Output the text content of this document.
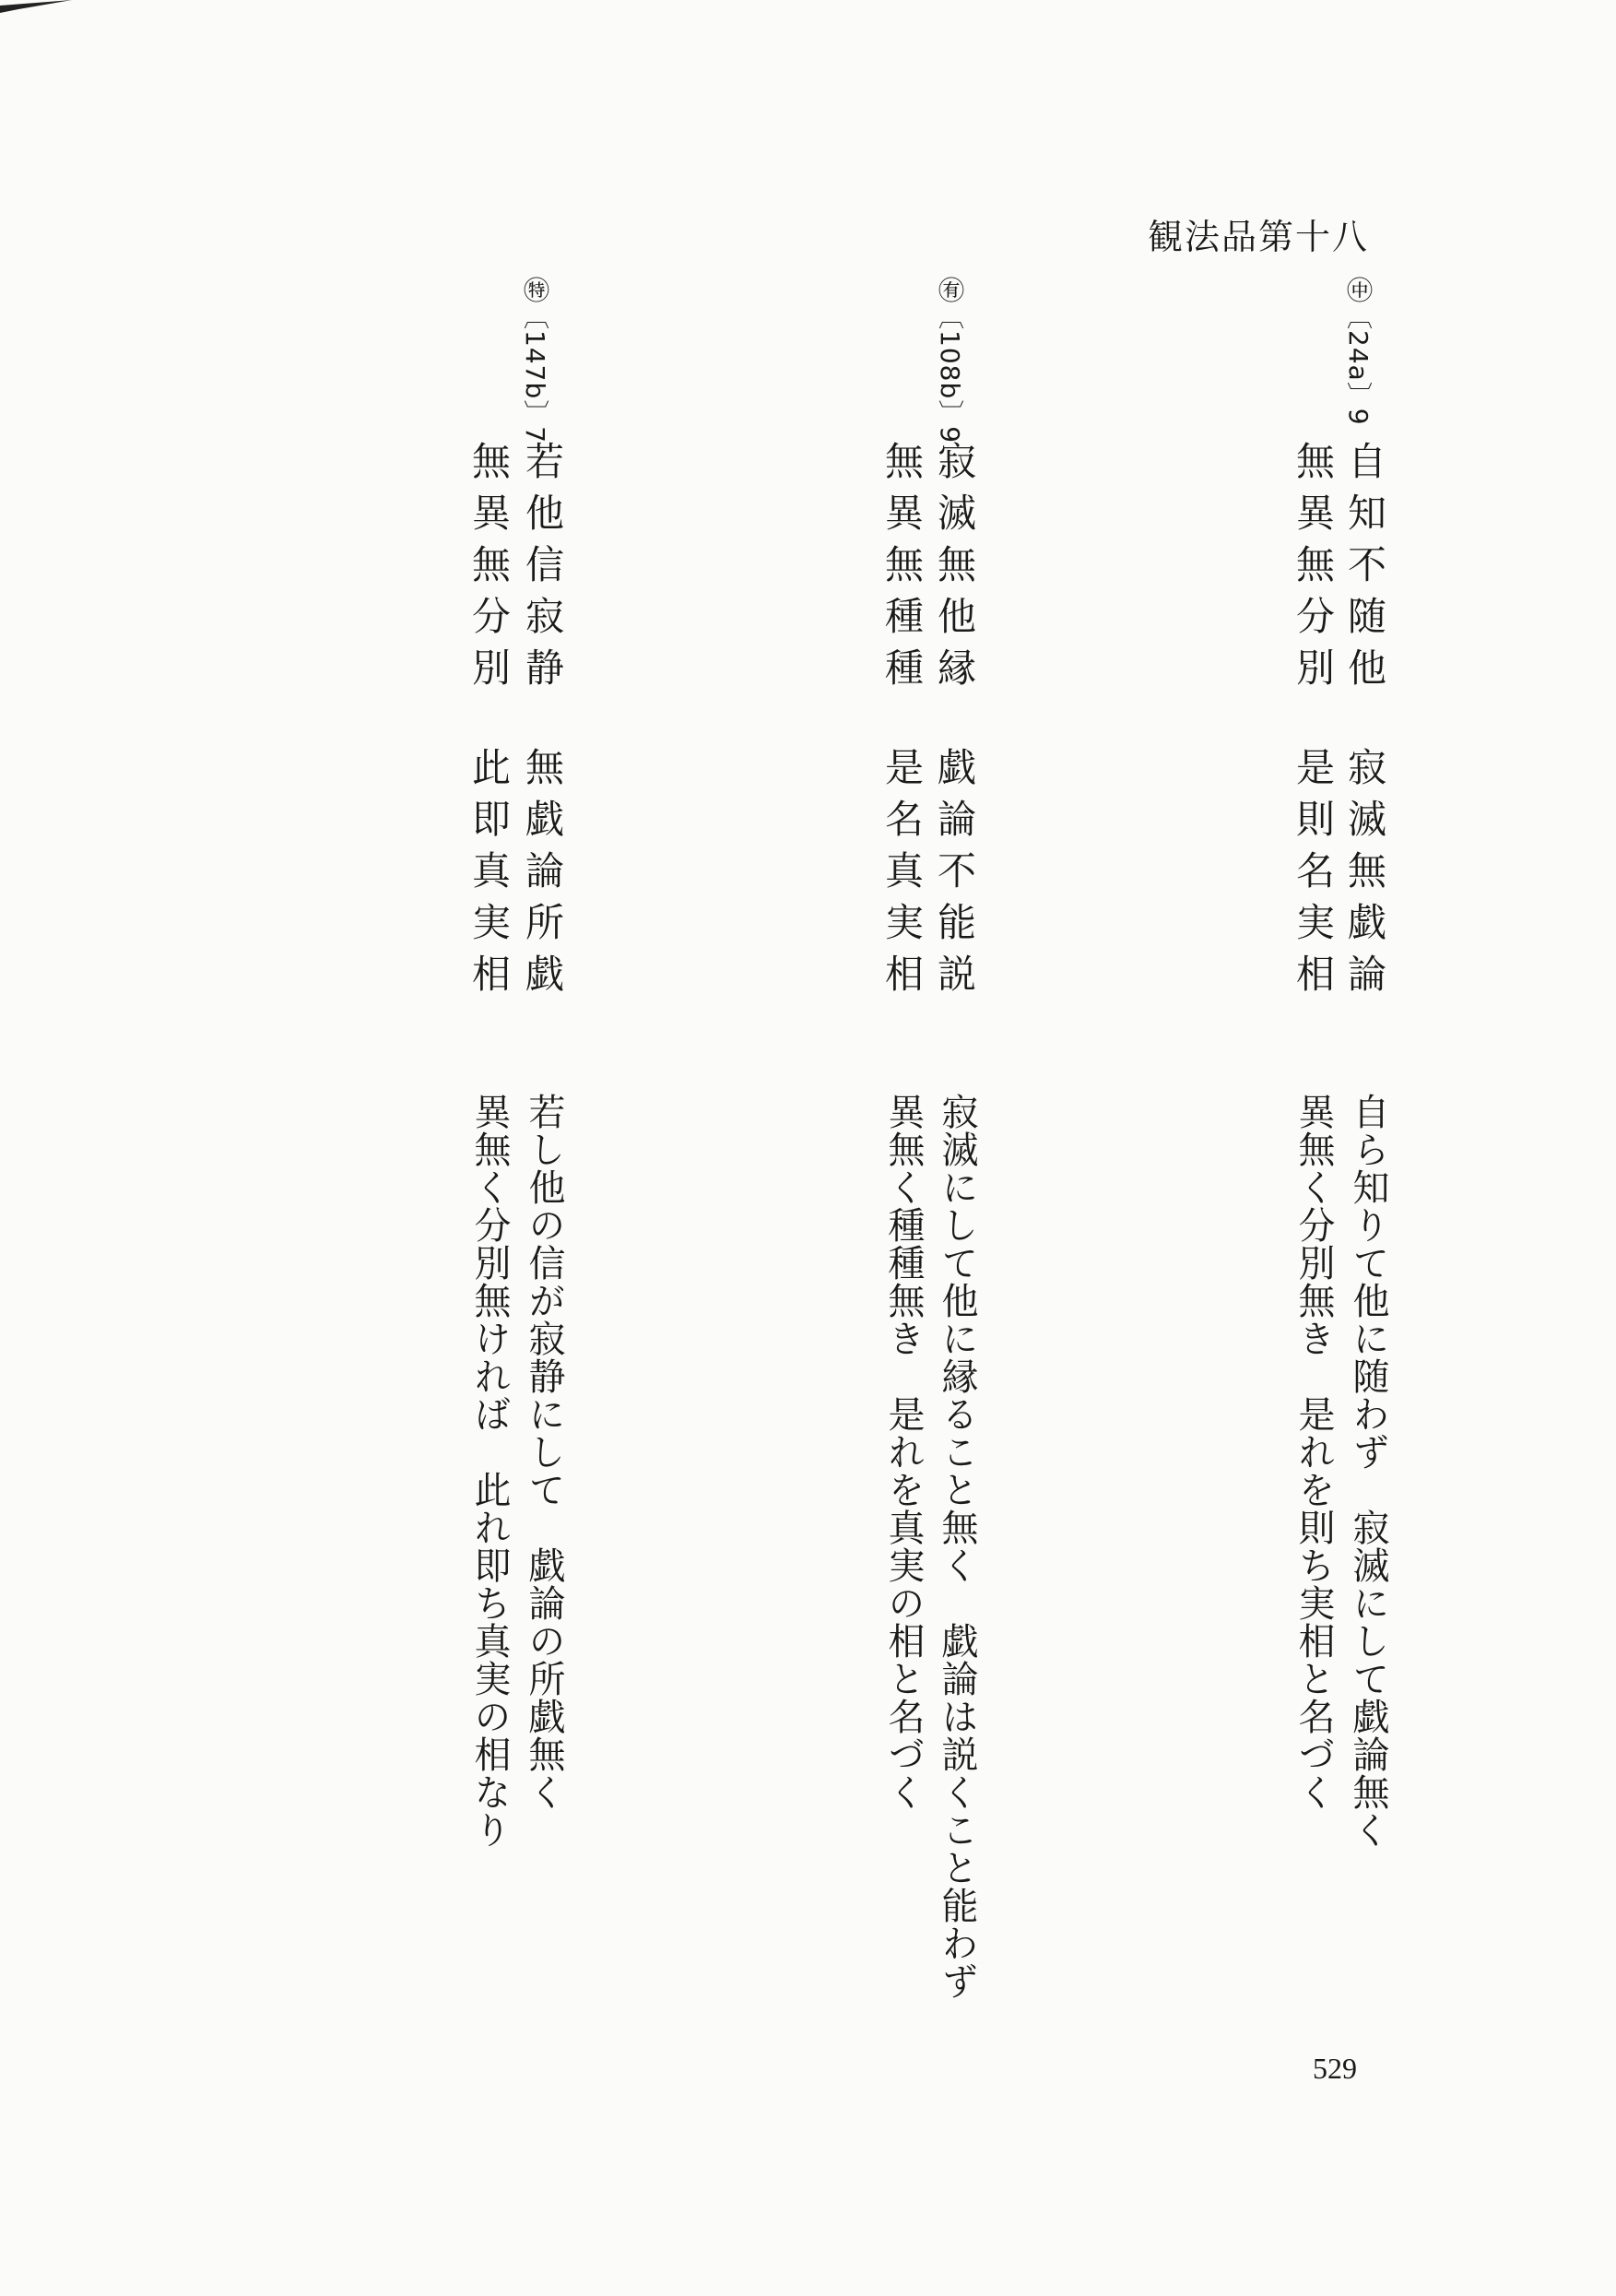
観法品第十八
㊥〔24a〕9
自知不随他
寂滅無戯論
無異無分別
是則名実相
自ら知りて他に随わず　寂滅にして戯論無く
異無く分別無き　是れを則ち実相と名づく
㊒〔108b〕9
寂滅無他縁
戯論不能説
無異無種種
是名真実相
寂滅にして他に縁ること無く　戯論は説くこと能わず
異無く種種無き　是れを真実の相と名づく
㊕〔147b〕7
若他信寂静
無戯論所戯
無異無分別
此即真実相
若し他の信が寂静にして　戯論の所戯無く
異無く分別無ければ　此れ即ち真実の相なり
529
